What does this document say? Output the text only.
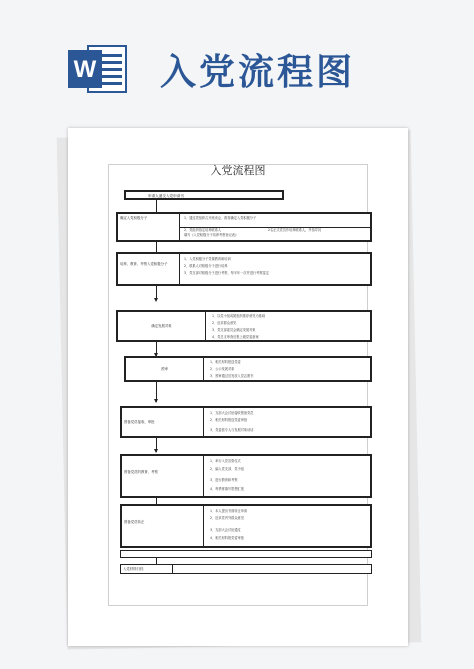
W 入党流程图
入党流程图
申请人递交入党申请书
确定入党积极分子	1、通过党组织召开座谈会、推荐确定入党积极分子
2、党组织指定培养联系人	2名正式党员作培养联系人，并指导其
填写《入党积极分子培养考察登记表》
培养、教育、考察入党积极分子
1、入党积极分子党课教育和培训
2、联系人对积极分子进行培养
3、党支部对积极分子进行考察，每半年一次并进行考察鉴定
确定发展对象
1、以党小组或团组织推荐意见为基础
2、征求群众意见
3、党支部委员会确定发展对象
4、党总支审查后报上级党委备案
预审
1、相关材料报送党委
2、公示发展对象
3、预审通过后发放入党志愿书
预备党员接收、审批
1、支部大会讨论接收预备党员
2、相关材料报送党委审批
3、党委派专人与发展对象谈话
预备党员的教育、考察
1、举行入党宣誓仪式
2、编入党支部、党小组
3、进行教育和考察
4、每季度填写思想汇报
预备党员转正
1、本人提出书面转正申请
2、征求党内外群众意见
3、支部大会讨论通过
4、相关材料报党委审批
入党材料归档
